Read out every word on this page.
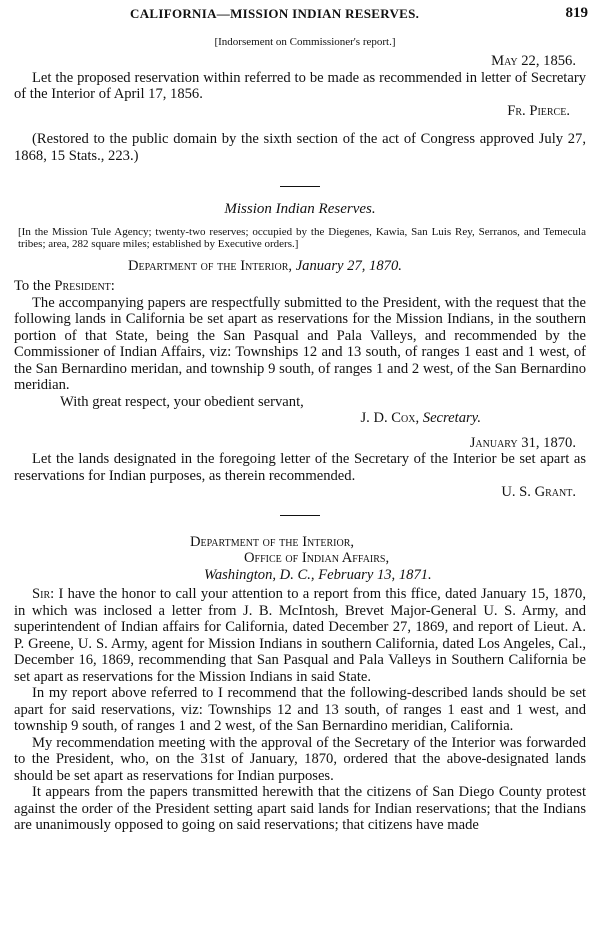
CALIFORNIA—MISSION INDIAN RESERVES.	819

[Indorsement on Commissioner's report.]

May 22, 1856.

Let the proposed reservation within referred to be made as recommended in letter of Secretary of the Interior of April 17, 1856.

Fr. Pierce.

(Restored to the public domain by the sixth section of the act of Congress approved July 27, 1868, 15 Stats., 223.)

Mission Indian Reserves.

[In the Mission Tule Agency; twenty-two reserves; occupied by the Diegenes, Kawia, San Luis Rey, Serranos, and Temecula tribes; area, 282 square miles; established by Executive orders.]

Department of the Interior, January 27, 1870.

To the President:

The accompanying papers are respectfully submitted to the President, with the request that the following lands in California be set apart as reservations for the Mission Indians, in the southern portion of that State, being the San Pasqual and Pala Valleys, and recommended by the Commissioner of Indian Affairs, viz: Townships 12 and 13 south, of ranges 1 east and 1 west, of the San Bernardino meridan, and township 9 south, of ranges 1 and 2 west, of the San Bernardino meridian.

With great respect, your obedient servant,

J. D. Cox, Secretary.

January 31, 1870.

Let the lands designated in the foregoing letter of the Secretary of the Interior be set apart as reservations for Indian purposes, as therein recommended.

U. S. Grant.

Department of the Interior,

Office of Indian Affairs,

Washington, D. C., February 13, 1871.

Sir: I have the honor to call your attention to a report from this ffice, dated January 15, 1870, in which was inclosed a letter from J. B. McIntosh, Brevet Major-General U. S. Army, and superintendent of Indian affairs for California, dated December 27, 1869, and report of Lieut. A. P. Greene, U. S. Army, agent for Mission Indians in southern California, dated Los Angeles, Cal., December 16, 1869, recommending that San Pasqual and Pala Valleys in Southern California be set apart as reservations for the Mission Indians in said State.

In my report above referred to I recommend that the following-described lands should be set apart for said reservations, viz: Townships 12 and 13 south, of ranges 1 east and 1 west, and township 9 south, of ranges 1 and 2 west, of the San Bernardino meridian, California.

My recommendation meeting with the approval of the Secretary of the Interior was forwarded to the President, who, on the 31st of January, 1870, ordered that the above-designated lands should be set apart as reservations for Indian purposes.

It appears from the papers transmitted herewith that the citizens of San Diego County protest against the order of the President setting apart said lands for Indian reservations; that the Indians are unanimously opposed to going on said reservations; that citizens have made
